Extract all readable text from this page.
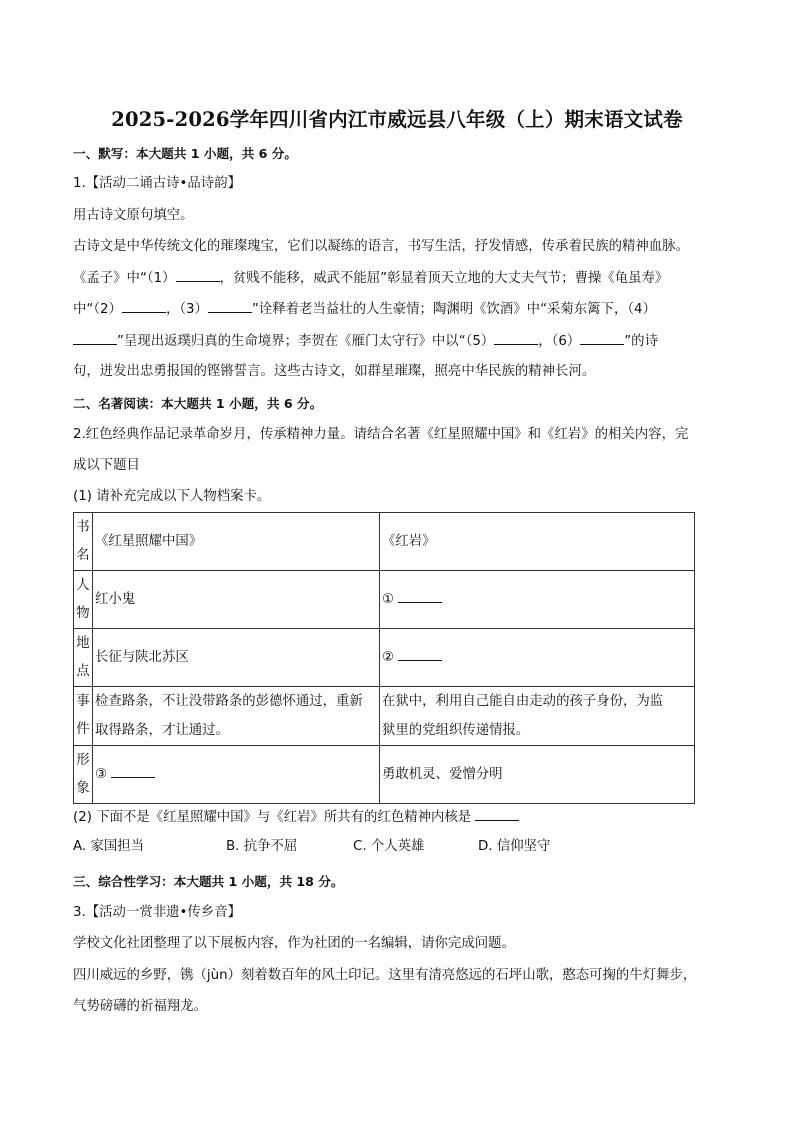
2025-2026学年四川省内江市威远县八年级（上）期末语文试卷
一、默写：本大题共 1 小题，共 6 分。
1.【活动二诵古诗•品诗韵】
用古诗文原句填空。
古诗文是中华传统文化的璀璨瑰宝，它们以凝练的语言，书写生活，抒发情感，传承着民族的精神血脉。
《孟子》中“（1）	，贫贱不能移，威武不能屈”彰显着顶天立地的大丈夫气节；曹操《龟虽寿》
中“（2）	，（3）	”诠释着老当益壮的人生豪情；陶渊明《饮酒》中“采菊东篱下，（4）
”呈现出返璞归真的生命境界；李贺在《雁门太守行》中以“（5）	，（6）	”的诗
句，迸发出忠勇报国的铿锵誓言。这些古诗文，如群星璀璨，照亮中华民族的精神长河。
二、名著阅读：本大题共 1 小题，共 6 分。
2.红色经典作品记录革命岁月，传承精神力量。请结合名著《红星照耀中国》和《红岩》的相关内容，完
成以下题目
(1) 请补充完成以下人物档案卡。
书
名	《红星照耀中国》	《红岩》
人
物	红小鬼	①
地
点	长征与陕北苏区	②
事
件	检查路条，不让没带路条的彭德怀通过，重新
取得路条，才让通过。	在狱中，利用自己能自由走动的孩子身份，为监
狱里的党组织传递情报。
形
象	③	勇敢机灵、爱憎分明
(2) 下面不是《红星照耀中国》与《红岩》所共有的红色精神内核是
A. 家国担当	B. 抗争不屈	C. 个人英雄	D. 信仰坚守
三、综合性学习：本大题共 1 小题，共 18 分。
3.【活动一赏非遗•传乡音】
学校文化社团整理了以下展板内容，作为社团的一名编辑，请你完成问题。
四川威远的乡野，镌（jùn）刻着数百年的风土印记。这里有清亮悠远的石坪山歌，憨态可掬的牛灯舞步，
气势磅礴的祈福翔龙。
